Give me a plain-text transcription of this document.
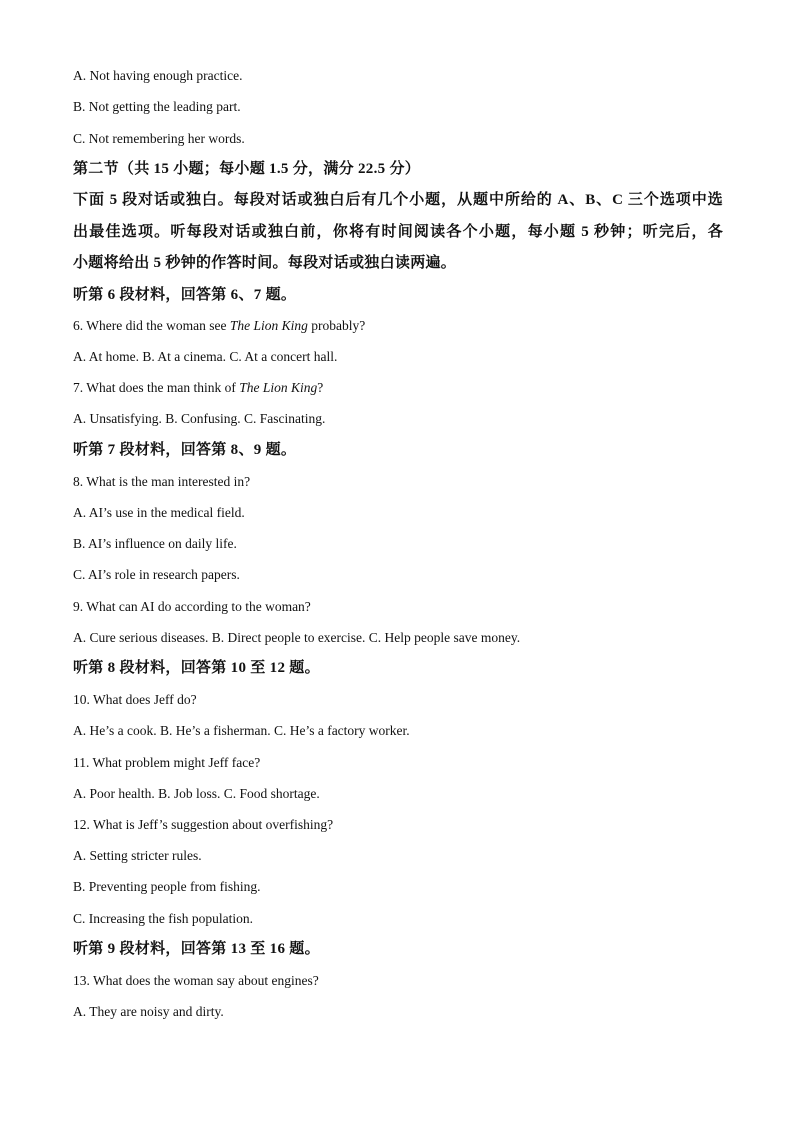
A. Not having enough practice.
B. Not getting the leading part.
C. Not remembering her words.
第二节（共 15 小题；每小题 1.5 分，满分 22.5 分）
下面 5 段对话或独白。每段对话或独白后有几个小题，从题中所给的 A、B、C 三个选项中选
出最佳选项。听每段对话或独白前，你将有时间阅读各个小题，每小题 5 秒钟；听完后，各
小题将给出 5 秒钟的作答时间。每段对话或独白读两遍。
听第 6 段材料，回答第 6、7 题。
6. Where did the woman see The Lion King probably?
A. At home. B. At a cinema. C. At a concert hall.
7. What does the man think of The Lion King?
A. Unsatisfying. B. Confusing. C. Fascinating.
听第 7 段材料，回答第 8、9 题。
8. What is the man interested in?
A. AI’s use in the medical field.
B. AI’s influence on daily life.
C. AI’s role in research papers.
9. What can AI do according to the woman?
A. Cure serious diseases. B. Direct people to exercise. C. Help people save money.
听第 8 段材料，回答第 10 至 12 题。
10. What does Jeff do?
A. He’s a cook. B. He’s a fisherman. C. He’s a factory worker.
11. What problem might Jeff face?
A. Poor health. B. Job loss. C. Food shortage.
12. What is Jeff’s suggestion about overfishing?
A. Setting stricter rules.
B. Preventing people from fishing.
C. Increasing the fish population.
听第 9 段材料，回答第 13 至 16 题。
13. What does the woman say about engines?
A. They are noisy and dirty.
